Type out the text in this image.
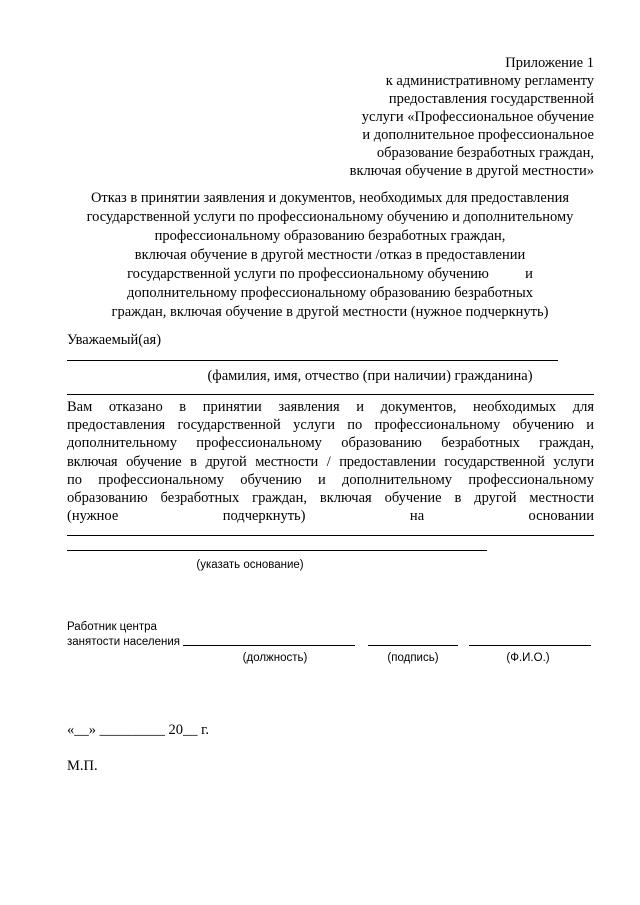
Приложение 1
к административному регламенту
предоставления государственной
услуги «Профессиональное обучение
и дополнительное профессиональное
образование безработных граждан,
включая обучение в другой местности»
Отказ в принятии заявления и документов, необходимых для предоставления
государственной услуги по профессиональному обучению и дополнительному
профессиональному образованию безработных граждан,
включая обучение в другой местности /отказ в предоставлении
государственной услуги по профессиональному обучению          и
дополнительному профессиональному образованию безработных
граждан, включая обучение в другой местности (нужное подчеркнуть)
Уважаемый(ая)
(фамилия, имя, отчество (при наличии) гражданина)
Вам отказано в принятии заявления и документов, необходимых для
предоставления государственной услуги по профессиональному обучению и
дополнительному профессиональному образованию безработных граждан,
включая обучение в другой местности / предоставлении государственной услуги
по профессиональному обучению и дополнительному профессиональному
образованию безработных граждан, включая обучение в другой местности
(нужное подчеркнуть) на основании
(указать основание)
Работник центра
занятости населения
(должность)	(подпись)	(Ф.И.О.)
«__» _________ 20__ г.
М.П.
